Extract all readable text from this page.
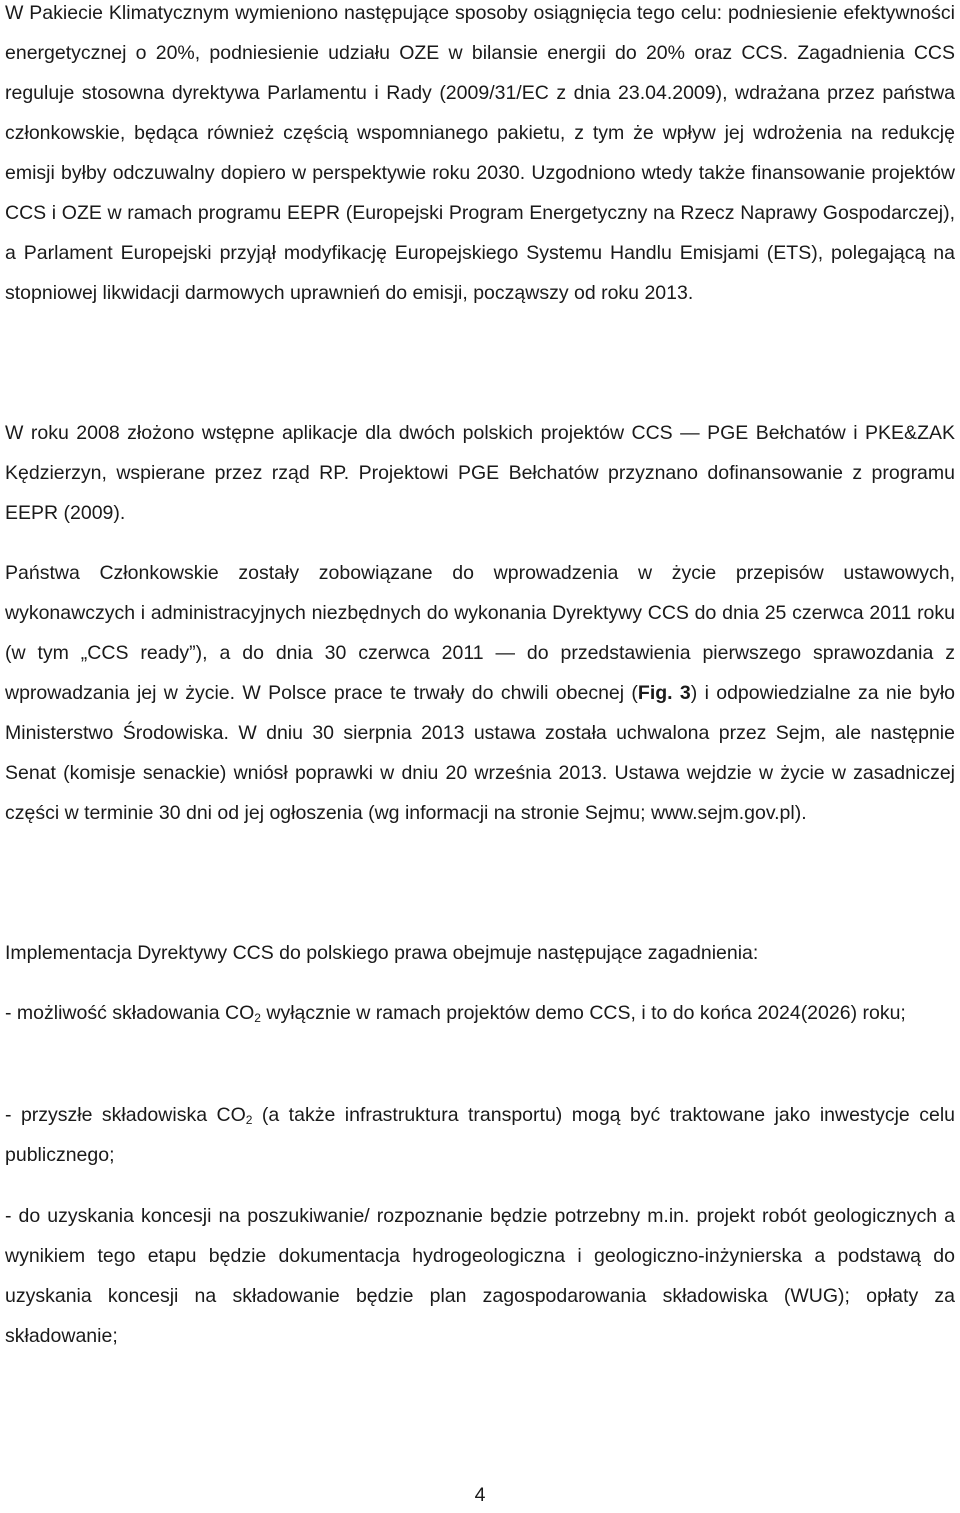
W Pakiecie Klimatycznym wymieniono następujące sposoby osiągnięcia tego celu: podniesienie efektywności energetycznej o 20%, podniesienie udziału OZE w bilansie energii do 20% oraz CCS. Zagadnienia CCS reguluje stosowna dyrektywa Parlamentu i Rady (2009/31/EC z dnia 23.04.2009), wdrażana przez państwa członkowskie, będąca również częścią wspomnianego pakietu, z tym że wpływ jej wdrożenia na redukcję emisji byłby odczuwalny dopiero w perspektywie roku 2030. Uzgodniono wtedy także finansowanie projektów CCS i OZE w ramach programu EEPR (Europejski Program Energetyczny na Rzecz Naprawy Gospodarczej), a Parlament Europejski przyjął modyfikację Europejskiego Systemu Handlu Emisjami (ETS), polegającą na stopniowej likwidacji darmowych uprawnień do emisji, począwszy od roku 2013.

W roku 2008 złożono wstępne aplikacje dla dwóch polskich projektów CCS — PGE Bełchatów i PKE&ZAK Kędzierzyn, wspierane przez rząd RP. Projektowi PGE Bełchatów przyznano dofinansowanie z programu EEPR (2009).

Państwa Członkowskie zostały zobowiązane do wprowadzenia w życie przepisów ustawowych, wykonawczych i administracyjnych niezbędnych do wykonania Dyrektywy CCS do dnia 25 czerwca 2011 roku (w tym „CCS ready”), a do dnia 30 czerwca 2011 — do przedstawienia pierwszego sprawozdania z wprowadzania jej w życie. W Polsce prace te trwały do chwili obecnej (Fig. 3) i odpowiedzialne za nie było Ministerstwo Środowiska. W dniu 30 sierpnia 2013 ustawa została uchwalona przez Sejm, ale następnie Senat (komisje senackie) wniósł poprawki w dniu 20 września 2013. Ustawa wejdzie w życie w zasadniczej części w terminie 30 dni od jej ogłoszenia (wg informacji na stronie Sejmu; www.sejm.gov.pl).

Implementacja Dyrektywy CCS do polskiego prawa obejmuje następujące zagadnienia:

- możliwość składowania $CO_2$ wyłącznie w ramach projektów demo CCS, i to do końca 2024(2026) roku;

- przyszłe składowiska $CO_2$ (a także infrastruktura transportu) mogą być traktowane jako inwestycje celu publicznego;

- do uzyskania koncesji na poszukiwanie/ rozpoznanie będzie potrzebny m.in. projekt robót geologicznych a wynikiem tego etapu będzie dokumentacja hydrogeologiczna i geologiczno-inżynierska a podstawą do uzyskania koncesji na składowanie będzie plan zagospodarowania składowiska (WUG); opłaty za składowanie;

4
